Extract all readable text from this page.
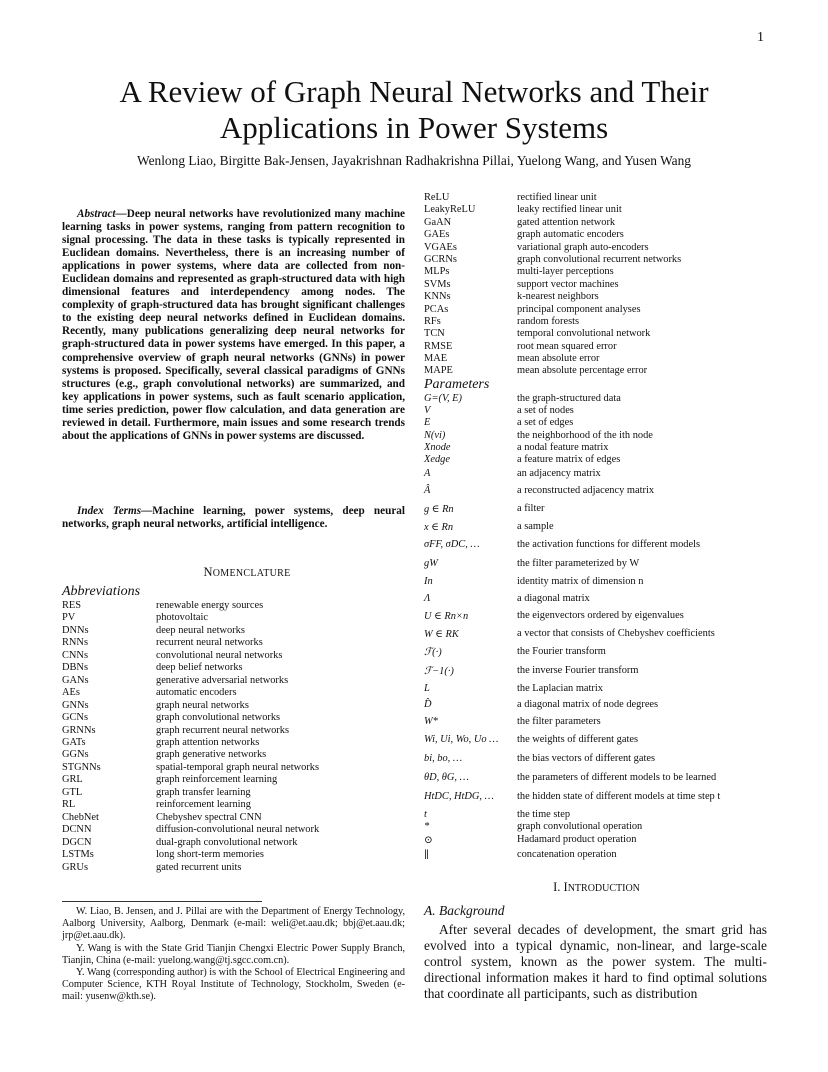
1
A Review of Graph Neural Networks and Their
Applications in Power Systems
Wenlong Liao, Birgitte Bak-Jensen, Jayakrishnan Radhakrishna Pillai, Yuelong Wang, and Yusen Wang

Abstract—Deep neural networks have revolutionized many machine learning tasks in power systems, ranging from pattern recognition to signal processing. The data in these tasks is typically represented in Euclidean domains. Nevertheless, there is an increasing number of applications in power systems, where data are collected from non-Euclidean domains and represented as graph-structured data with high dimensional features and interdependency among nodes. The complexity of graph-structured data has brought significant challenges to the existing deep neural networks defined in Euclidean domains. Recently, many publications generalizing deep neural networks for graph-structured data in power systems have emerged. In this paper, a comprehensive overview of graph neural networks (GNNs) in power systems is proposed. Specifically, several classical paradigms of GNNs structures (e.g., graph convolutional networks) are summarized, and key applications in power systems, such as fault scenario application, time series prediction, power flow calculation, and data generation are reviewed in detail. Furthermore, main issues and some research trends about the applications of GNNs in power systems are discussed.

Index Terms—Machine learning, power systems, deep neural networks, graph neural networks, artificial intelligence.

NOMENCLATURE
Abbreviations
RES	renewable energy sources
PV	photovoltaic
DNNs	deep neural networks
RNNs	recurrent neural networks
CNNs	convolutional neural networks
DBNs	deep belief networks
GANs	generative adversarial networks
AEs	automatic encoders
GNNs	graph neural networks
GCNs	graph convolutional networks
GRNNs	graph recurrent neural networks
GATs	graph attention networks
GGNs	graph generative networks
STGNNs	spatial-temporal graph neural networks
GRL	graph reinforcement learning
GTL	graph transfer learning
RL	reinforcement learning
ChebNet	Chebyshev spectral CNN
DCNN	diffusion-convolutional neural network
DGCN	dual-graph convolutional network
LSTMs	long short-term memories
GRUs	gated recurrent units

W. Liao, B. Jensen, and J. Pillai are with the Department of Energy Technology, Aalborg University, Aalborg, Denmark (e-mail: weli@et.aau.dk; bbj@et.aau.dk; jrp@et.aau.dk).

Y. Wang is with the State Grid Tianjin Chengxi Electric Power Supply Branch, Tianjin, China (e-mail: yuelong.wang@tj.sgcc.com.cn).

Y. Wang (corresponding author) is with the School of Electrical Engineering and Computer Science, KTH Royal Institute of Technology, Stockholm, Sweden (e-mail: yusenw@kth.se).

ReLU	rectified linear unit
LeakyReLU	leaky rectified linear unit
GaAN	gated attention network
GAEs	graph automatic encoders
VGAEs	variational graph auto-encoders
GCRNs	graph convolutional recurrent networks
MLPs	multi-layer perceptions
SVMs	support vector machines
KNNs	k-nearest neighbors
PCAs	principal component analyses
RFs	random forests
TCN	temporal convolutional network
RMSE	root mean squared error
MAE	mean absolute error
MAPE	mean absolute percentage error
Parameters
G=(V, E)	the graph-structured data
V	a set of nodes
E	a set of edges
N(vi)	the neighborhood of the ith node
Xnode	a nodal feature matrix
Xedge	a feature matrix of edges
A	an adjacency matrix
Â	a reconstructed adjacency matrix
g ∈ Rn	a filter
x ∈ Rn	a sample
σFF, σDC, …	the activation functions for different models
gW	the filter parameterized by W
In	identity matrix of dimension n
Λ	a diagonal matrix
U ∈ Rn×n	the eigenvectors ordered by eigenvalues
W ∈ RK	a vector that consists of Chebyshev coefficients
ℱ(·)	the Fourier transform
ℱ−1(·)	the inverse Fourier transform
L	the Laplacian matrix
D̂	a diagonal matrix of node degrees
W*	the filter parameters
Wi, Ui, Wo, Uo … the weights of different gates
bi, bo, …	the bias vectors of different gates
θD, θG, …	the parameters of different models to be learned
HtDC, HtDG, … the hidden state of different models at time step t
t	the time step
*	graph convolutional operation
⊙	Hadamard product operation
∥	concatenation operation
I. INTRODUCTION
A. Background

After several decades of development, the smart grid has evolved into a typical dynamic, non-linear, and large-scale control system, known as the power system. The multi-directional information makes it hard to find optimal solutions that coordinate all participants, such as distribution
